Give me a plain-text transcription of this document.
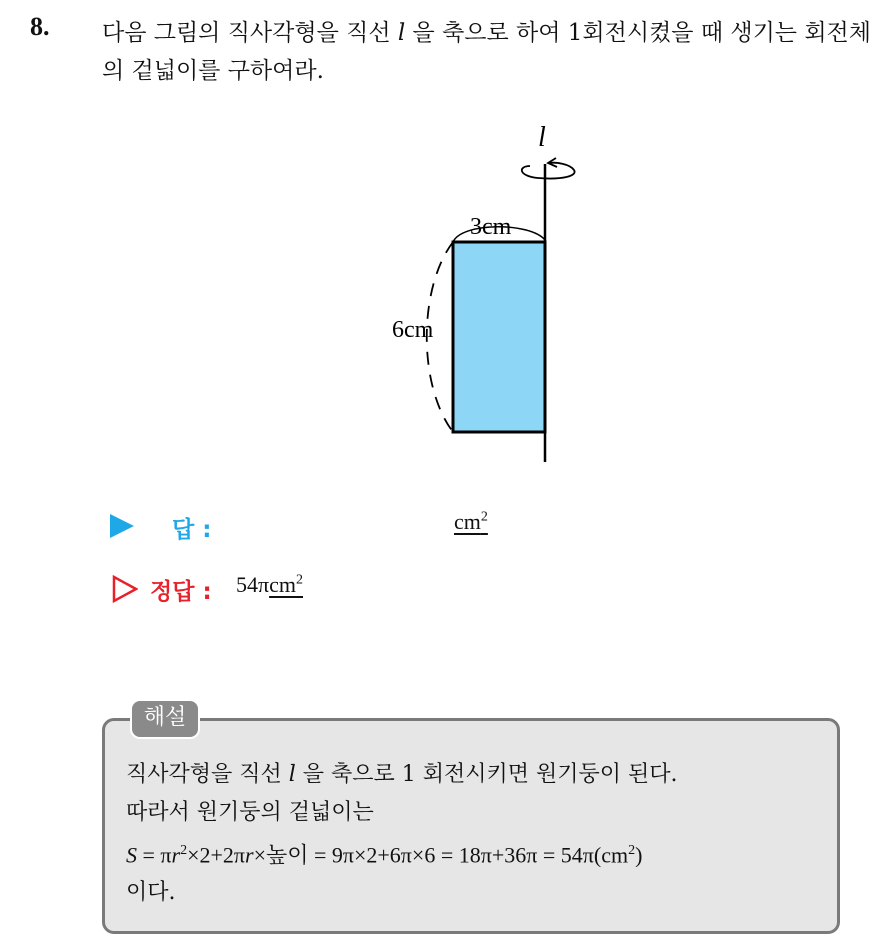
8. 다음 그림의 직사각형을 직선 l 을 축으로 하여 1회전시켰을 때 생기는 회전체의 겉넓이를 구하여라.
l
3cm
6cm
답 :	$cm^2$
정답 : 54πcm$^2$
해설
직사각형을 직선 l 을 축으로 1 회전시키면 원기둥이 된다.
따라서 원기둥의 겉넓이는
$S = \pi r^2\times 2+2\pi r\times$높이 = $9\pi\times 2+6\pi\times 6 = 18\pi+36\pi = 54\pi(cm^2)$
이다.
